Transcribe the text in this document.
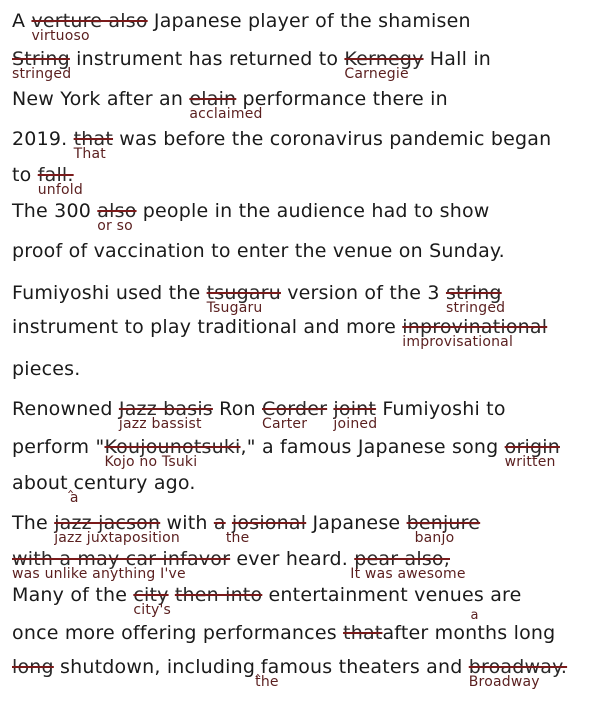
A verture also
virtuoso
Japanese player of the shamisen
String
stringed
instrument has returned to Kernegy
Carnegie
Hall in
New York after an elain
acclaimed
performance there in
2019. that
That
was before the coronavirus pandemic began
to fall.
unfold
The 300 also
or so
people in the audience had to show
proof of vaccination to enter the venue on Sunday.
Fumiyoshi used the tsugaru
Tsugaru
version of the 3 string
stringed
instrument to play traditional and more inprovinational
improvisational
pieces.
Renowned Jazz basis
jazz bassist
Ron Corder
Carter
joint
joined
Fumiyoshi to
perform "Koujounotsuki
Kojo no Tsuki
," a famous Japanese song origin
written
about‸
a
century ago.
The jazz jacson
jazz juxtaposition
with a
the
josional Japanese benjure
banjo
with a may car infavor
was unlike anything I've
ever heard. pear also,
It was awesome
Many of the city
city's
then into entertainment venues are
once more offering performances that
a
after months long
long shutdown, including‸
the
famous theaters and broadway.
Broadway
